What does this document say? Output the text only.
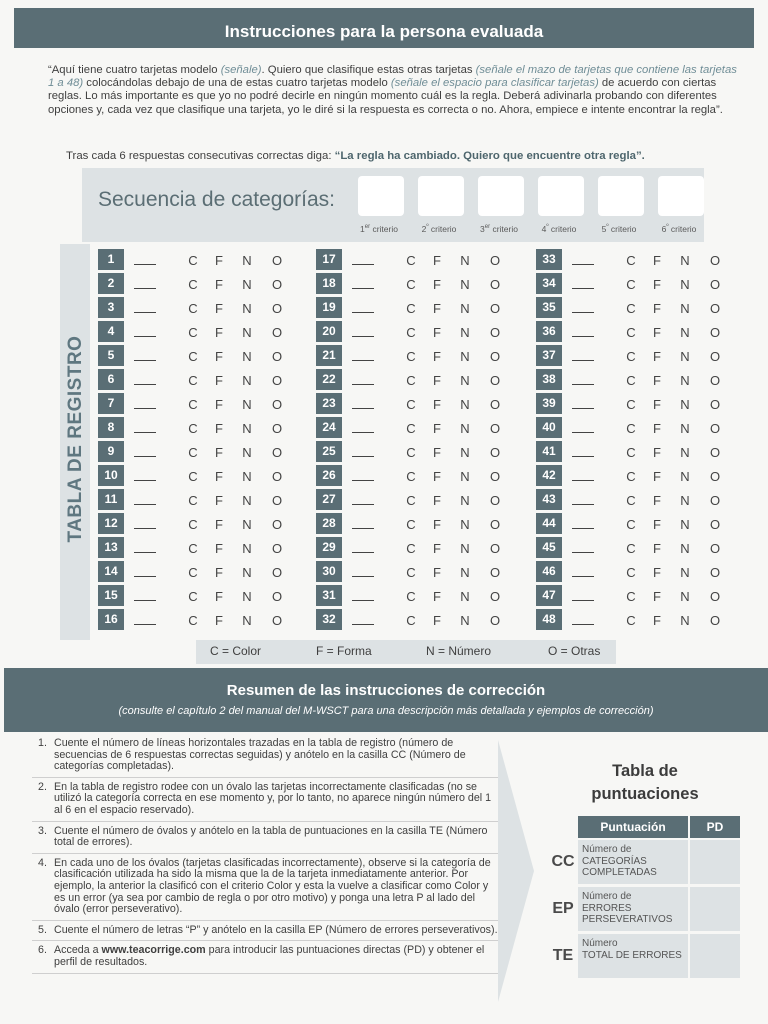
Instrucciones para la persona evaluada
“Aquí tiene cuatro tarjetas modelo (señale). Quiero que clasifique estas otras tarjetas (señale el mazo de tarjetas que contiene las tarjetas 1 a 48) colocándolas debajo de una de estas cuatro tarjetas modelo (señale el espacio para clasificar tarjetas) de acuerdo con ciertas reglas. Lo más importante es que yo no podré decirle en ningún momento cuál es la regla. Deberá adivinarla probando con diferentes opciones y, cada vez que clasifique una tarjeta, yo le diré si la respuesta es correcta o no. Ahora, empiece e intente encontrar la regla”.
Tras cada 6 respuestas consecutivas correctas diga: “La regla ha cambiado. Quiero que encuentre otra regla”.
Secuencia de categorías:
1er criterio	$2^º$ criterio	3er criterio	$4^º$ criterio	$5^º$ criterio	$6^º$ criterio
TABLA DE REGISTRO
1	C F N O
2	C F N O
3	C F N O
4	C F N O
5	C F N O
6	C F N O
7	C F N O
8	C F N O
9	C F N O
10	C F N O
11	C F N O
12	C F N O
13	C F N O
14	C F N O
15	C F N O
16	C F N O
17	C F N O
18	C F N O
19	C F N O
20	C F N O
21	C F N O
22	C F N O
23	C F N O
24	C F N O
25	C F N O
26	C F N O
27	C F N O
28	C F N O
29	C F N O
30	C F N O
31	C F N O
32	C F N O
33	C F N O
34	C F N O
35	C F N O
36	C F N O
37	C F N O
38	C F N O
39	C F N O
40	C F N O
41	C F N O
42	C F N O
43	C F N O
44	C F N O
45	C F N O
46	C F N O
47	C F N O
48	C F N O
C = Color	F = Forma	N = Número	O = Otras
Resumen de las instrucciones de corrección
(consulte el capítulo 2 del manual del M-WSCT para una descripción más detallada y ejemplos de corrección)
1. Cuente el número de líneas horizontales trazadas en la tabla de registro (número de secuencias de 6 respuestas correctas seguidas) y anótelo en la casilla CC (Número de categorías completadas).
2. En la tabla de registro rodee con un óvalo las tarjetas incorrectamente clasificadas (no se utilizó la categoría correcta en ese momento y, por lo tanto, no aparece ningún número del 1 al 6 en el espacio reservado).
3. Cuente el número de óvalos y anótelo en la tabla de puntuaciones en la casilla TE (Número total de errores).
4. En cada uno de los óvalos (tarjetas clasificadas incorrectamente), observe si la categoría de clasificación utilizada ha sido la misma que la de la tarjeta inmediatamente anterior. Por ejemplo, la anterior la clasificó con el criterio Color y esta la vuelve a clasificar como Color y es un error (ya sea por cambio de regla o por otro motivo) y ponga una letra P al lado del óvalo (error perseverativo).
5. Cuente el número de letras “P” y anótelo en la casilla EP (Número de errores perseverativos).
6. Acceda a www.teacorrige.com para introducir las puntuaciones directas (PD) y obtener el perfil de resultados.
Tabla de puntuaciones
Puntuación	PD
CC
Número de
CATEGORÍAS COMPLETADAS
EP
Número de
ERRORES PERSEVERATIVOS
TE
Número
TOTAL DE ERRORES
